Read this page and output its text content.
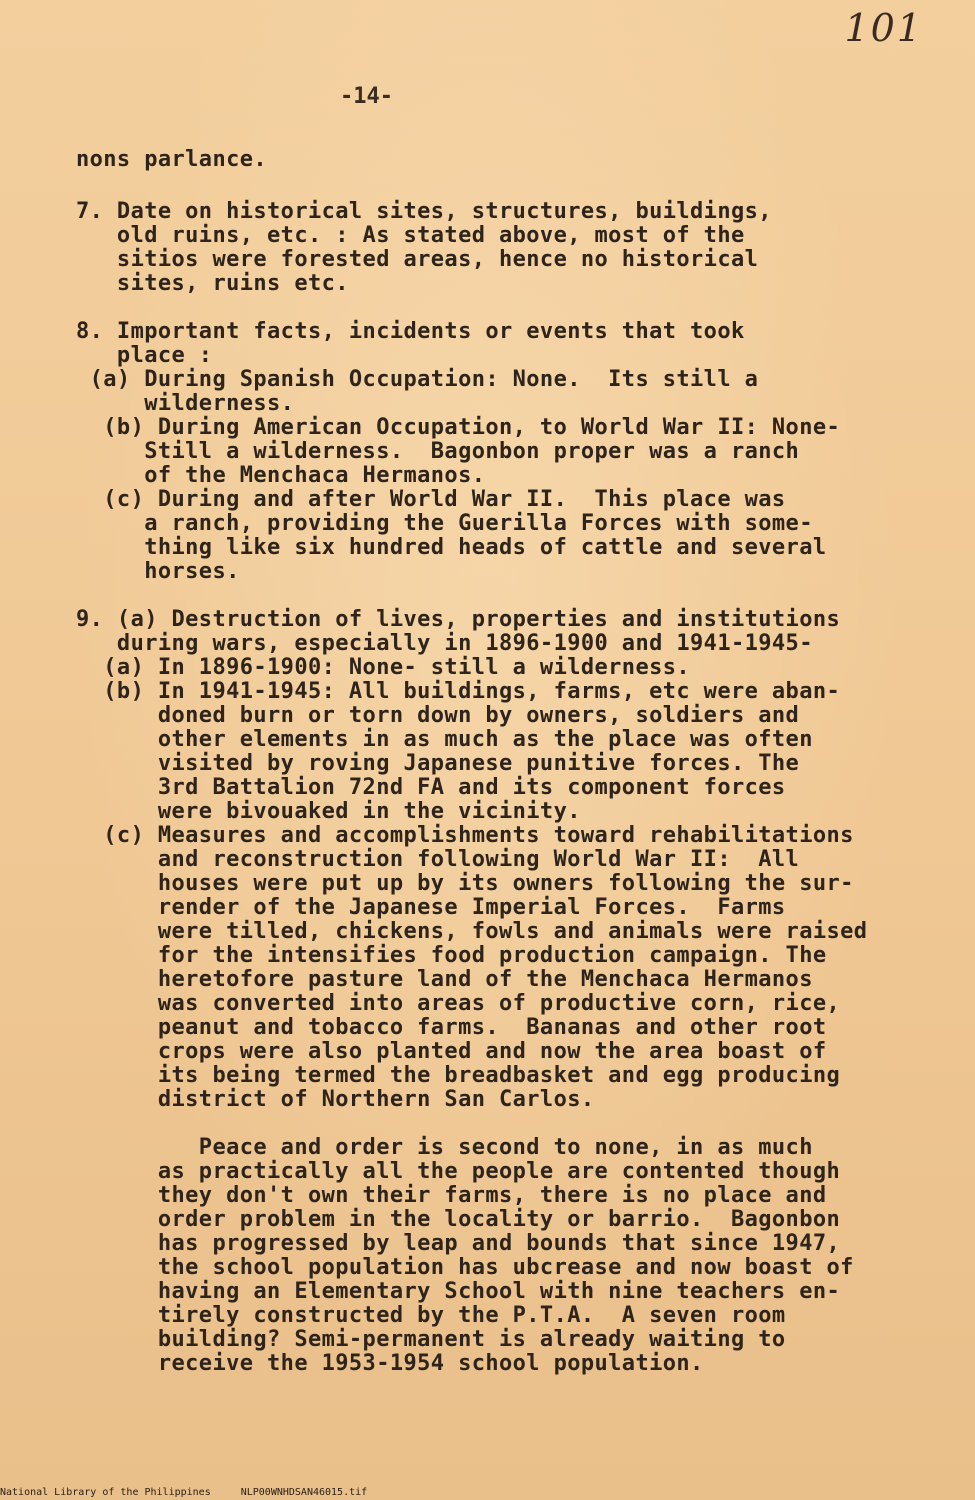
101
-14-
nons parlance.
7. Date on historical sites, structures, buildings,
old ruins, etc. : As stated above, most of the
sitios were forested areas, hence no historical
sites, ruins etc.
8. Important facts, incidents or events that took
place :
(a) During Spanish Occupation: None.  Its still a
wilderness.
(b) During American Occupation, to World War II: None-
Still a wilderness.  Bagonbon proper was a ranch
of the Menchaca Hermanos.
(c) During and after World War II.  This place was
a ranch, providing the Guerilla Forces with some-
thing like six hundred heads of cattle and several
horses.
9. (a) Destruction of lives, properties and institutions
during wars, especially in 1896-1900 and 1941-1945-
(a) In 1896-1900: None- still a wilderness.
(b) In 1941-1945: All buildings, farms, etc were aban-
doned burn or torn down by owners, soldiers and
other elements in as much as the place was often
visited by roving Japanese punitive forces. The
3rd Battalion 72nd FA and its component forces
were bivouaked in the vicinity.
(c) Measures and accomplishments toward rehabilitations
and reconstruction following World War II:  All
houses were put up by its owners following the sur-
render of the Japanese Imperial Forces.  Farms
were tilled, chickens, fowls and animals were raised
for the intensifies food production campaign. The
heretofore pasture land of the Menchaca Hermanos
was converted into areas of productive corn, rice,
peanut and tobacco farms.  Bananas and other root
crops were also planted and now the area boast of
its being termed the breadbasket and egg producing
district of Northern San Carlos.
Peace and order is second to none, in as much
as practically all the people are contented though
they don't own their farms, there is no place and
order problem in the locality or barrio.  Bagonbon
has progressed by leap and bounds that since 1947,
the school population has ubcrease and now boast of
having an Elementary School with nine teachers en-
tirely constructed by the P.T.A.  A seven room
building? Semi-permanent is already waiting to
receive the 1953-1954 school population.
National Library of the Philippines	NLP00WNHDSAN46015.tif
